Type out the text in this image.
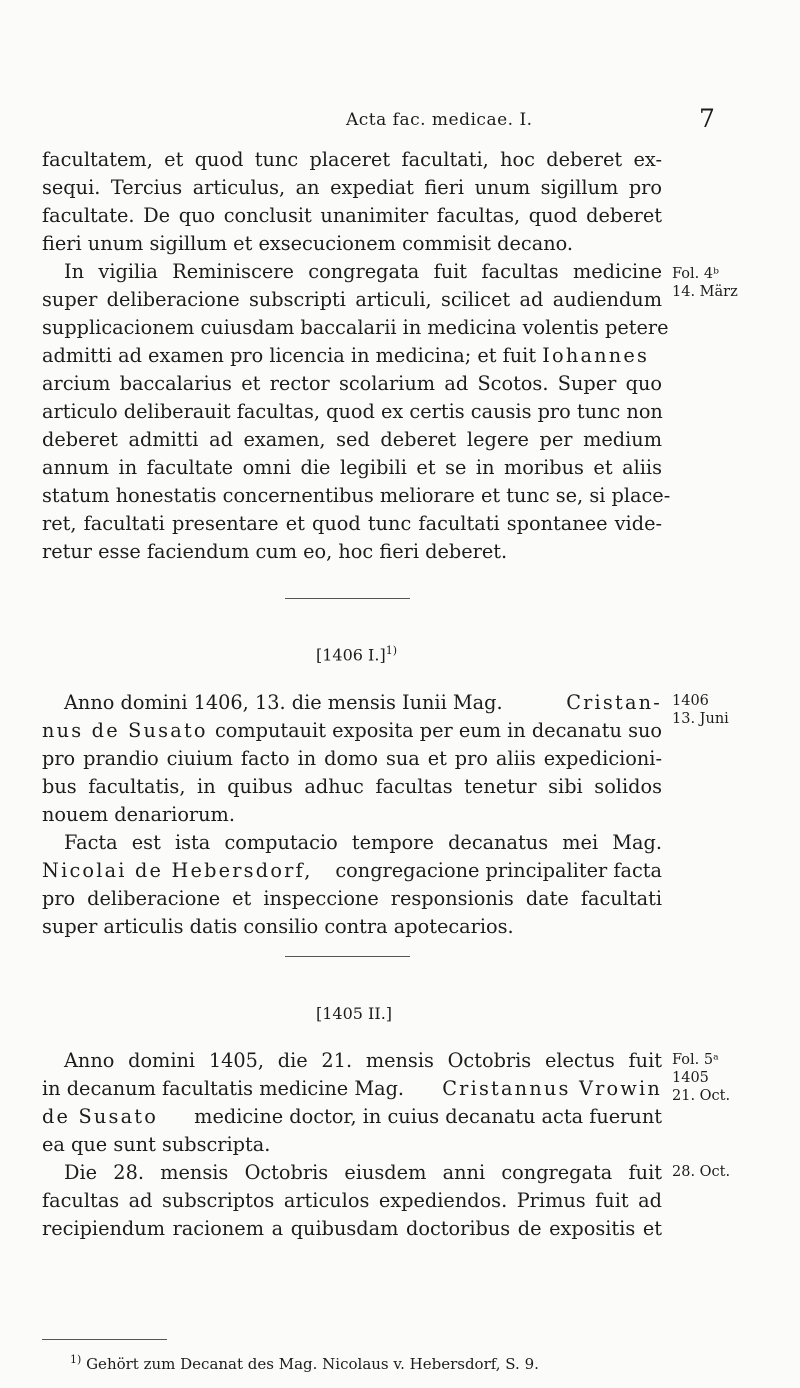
Acta fac. medicae. I.	7
facultatem, et quod tunc placeret facultati, hoc deberet ex-
sequi. Tercius articulus, an expediat fieri unum sigillum pro
facultate. De quo conclusit unanimiter facultas, quod deberet
fieri unum sigillum et exsecucionem commisit decano.
In vigilia Reminiscere congregata fuit facultas medicine
super deliberacione subscripti articuli, scilicet ad audiendum
supplicacionem cuiusdam baccalarii in medicina volentis petere
admitti ad examen pro licencia in medicina; et fuit Iohannes
arcium baccalarius et rector scolarium ad Scotos. Super quo
articulo deliberauit facultas, quod ex certis causis pro tunc non
deberet admitti ad examen, sed deberet legere per medium
annum in facultate omni die legibili et se in moribus et aliis
statum honestatis concernentibus meliorare et tunc se, si place-
ret, facultati presentare et quod tunc facultati spontanee vide-
retur esse faciendum cum eo, hoc fieri deberet.
Fol. 4ᵇ
14. März
[1406 I.]$^{1)}$
Anno domini 1406, 13. die mensis Iunii Mag.	Cristan-
nus de Susato computauit exposita per eum in decanatu suo
pro prandio ciuium facto in domo sua et pro aliis expedicioni-
bus facultatis, in quibus adhuc facultas tenetur sibi solidos
nouem denariorum.
1406
13. Juni
Facta est ista computacio tempore decanatus mei Mag.
Nicolai de Hebersdorf, congregacione principaliter facta
pro deliberacione et inspeccione responsionis date facultati
super articulis datis consilio contra apotecarios.
[1405 II.]
Anno domini 1405, die 21. mensis Octobris electus fuit
in decanum facultatis medicine Mag. Cristannus Vrowin
de Susato medicine doctor, in cuius decanatu acta fuerunt
ea que sunt subscripta.
Fol. 5ᵃ
1405
21. Oct.
Die 28. mensis Octobris eiusdem anni congregata fuit
facultas ad subscriptos articulos expediendos. Primus fuit ad
recipiendum racionem a quibusdam doctoribus de expositis et
28. Oct.
$^{1)}$ Gehört zum Decanat des Mag. Nicolaus v. Hebersdorf, S. 9.
